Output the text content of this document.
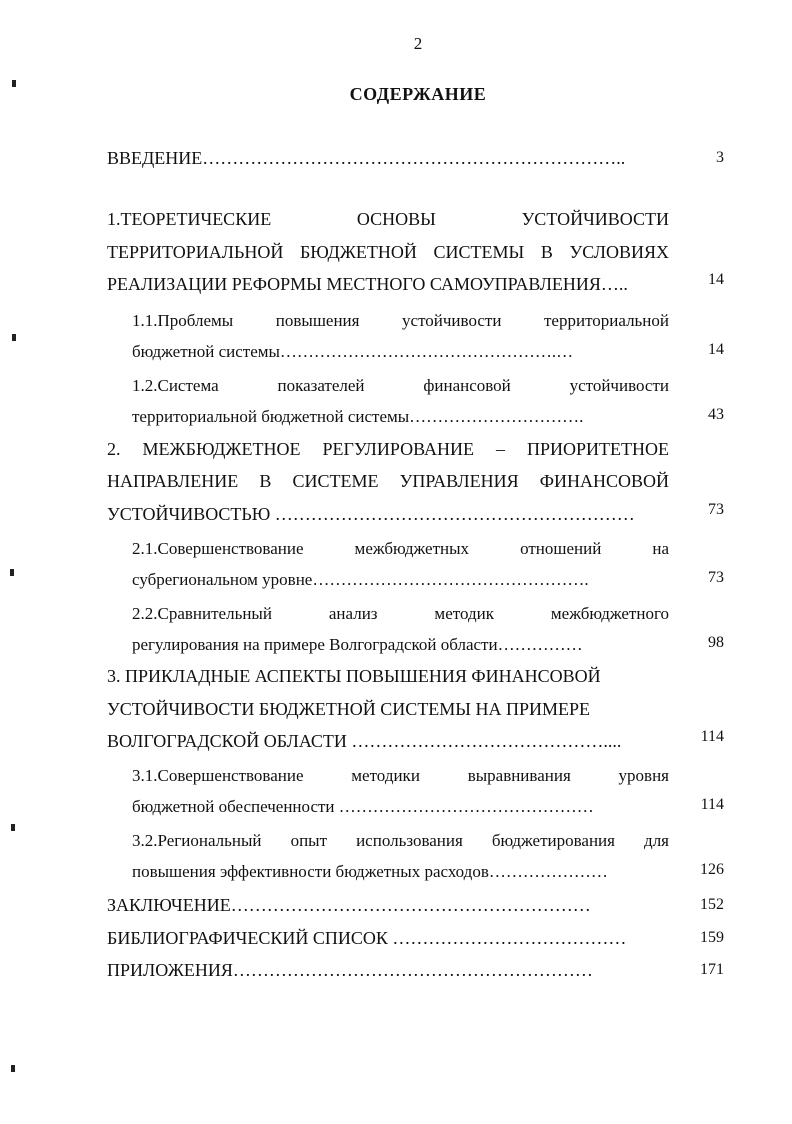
2
СОДЕРЖАНИЕ
ВВЕДЕНИЕ……………………………………………………………..	3
1.ТЕОРЕТИЧЕСКИЕ ОСНОВЫ УСТОЙЧИВОСТИ
ТЕРРИТОРИАЛЬНОЙ БЮДЖЕТНОЙ СИСТЕМЫ В УСЛОВИЯХ
РЕАЛИЗАЦИИ РЕФОРМЫ МЕСТНОГО САМОУПРАВЛЕНИЯ…..	14
1.1.Проблемы повышения устойчивости территориальной
бюджетной системы………………………………………….…	14
1.2.Система показателей финансовой устойчивости
территориальной бюджетной системы………………………….	43
2. МЕЖБЮДЖЕТНОЕ РЕГУЛИРОВАНИЕ – ПРИОРИТЕТНОЕ
НАПРАВЛЕНИЕ В СИСТЕМЕ УПРАВЛЕНИЯ ФИНАНСОВОЙ
УСТОЙЧИВОСТЬЮ ……………………………………………………	73
2.1.Совершенствование межбюджетных отношений на
субрегиональном уровне………………………………………….	73
2.2.Сравнительный анализ методик межбюджетного
регулирования на примере Волгоградской области……………	98
3. ПРИКЛАДНЫЕ АСПЕКТЫ ПОВЫШЕНИЯ ФИНАНСОВОЙ
УСТОЙЧИВОСТИ БЮДЖЕТНОЙ СИСТЕМЫ НА ПРИМЕРЕ
ВОЛГОГРАДСКОЙ ОБЛАСТИ ……………………………………....	114
3.1.Совершенствование методики выравнивания уровня
бюджетной обеспеченности ………………………………………	114
3.2.Региональный опыт использования бюджетирования для
повышения эффективности бюджетных расходов…………………	126
ЗАКЛЮЧЕНИЕ……………………………………………………	152
БИБЛИОГРАФИЧЕСКИЙ СПИСОК …………………………………	159
ПРИЛОЖЕНИЯ……………………………………………………	171
